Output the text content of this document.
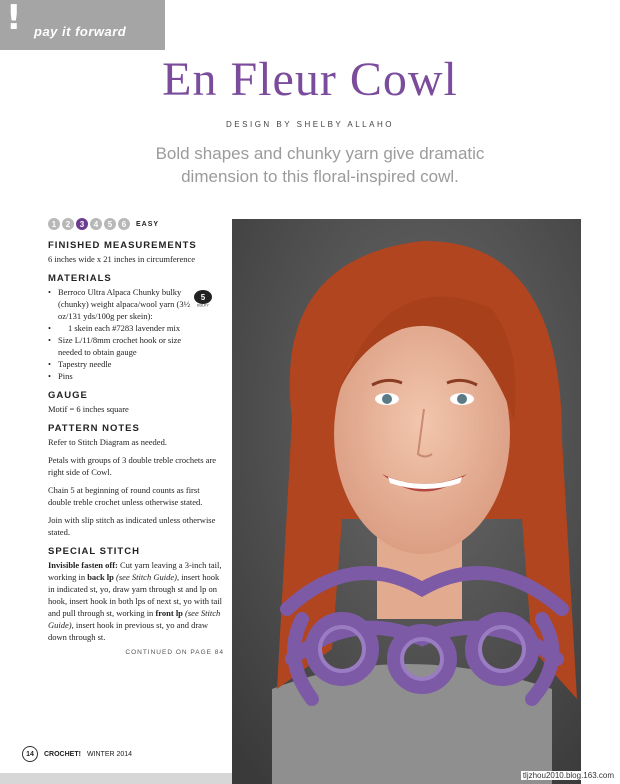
! pay it forward
En Fleur Cowl
DESIGN BY SHELBY ALLAHO
Bold shapes and chunky yarn give dramatic dimension to this floral-inspired cowl.
1	2	3	4	5	6	EASY
FINISHED MEASUREMENTS

6 inches wide x 21 inches in circumference

MATERIALS
• Berroco Ultra Alpaca Chunky bulky (chunky) weight alpaca/wool yarn (3½ oz/131 yds/100g per skein):
• 1 skein each #7283 lavender mix
• Size L/11/8mm crochet hook or size needed to obtain gauge
• Tapestry needle
• Pins
GAUGE

Motif = 6 inches square

PATTERN NOTES

Refer to Stitch Diagram as needed.

Petals with groups of 3 double treble crochets are right side of Cowl.

Chain 5 at beginning of round counts as first double treble crochet unless otherwise stated.

Join with slip stitch as indicated unless otherwise stated.

SPECIAL STITCH

Invisible fasten off: Cut yarn leaving a 3-inch tail, working in back lp (see Stitch Guide), insert hook in indicated st, yo, draw yarn through st and lp on hook, insert hook in both lps of next st, yo with tail and pull through st, working in front lp (see Stitch Guide), insert hook in previous st, yo and draw down through st.

CONTINUED ON PAGE 84
5
BULKY
14	CROCHET! WINTER 2014
tljzhou2010.blog.163.com
